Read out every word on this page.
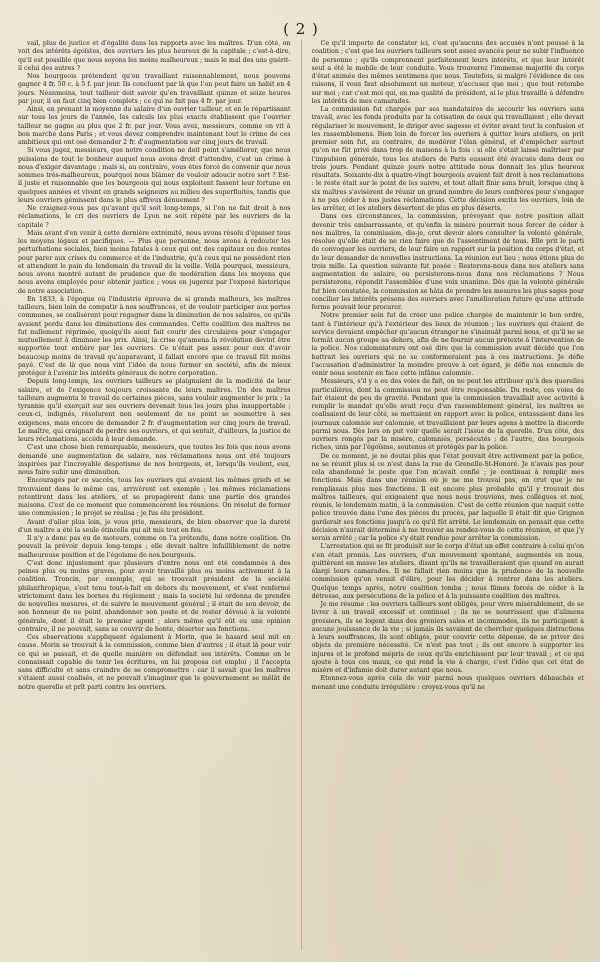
( 2 )

vail, plus de justice et d'égalité dans les rapports avec les maîtres. D'un côté, on voit des intérêts égoïstes, des ouvriers les plus heureux de la capitale ; c'est-à-dire, qu'il est possible que nous soyons les moins malheureux ; mais le mal des uns guérit-il celui des autres ?

Nos bourgeois prétendent qu'en travaillant raisonnablement, nous pouvons gagner 4 fr. 50 c. à 5 f. par jour. Ils concluent par là que l'on peut faire un habit en 4 jours. Néanmoins, tout tailleur doit savoir qu'en travaillant quinze et seize heures par jour, il en faut cinq bien complets ; ce qui ne fait pas 4 fr. par jour.

Ainsi, en prenant la moyenne du salaire d'un ouvrier tailleur, et en le répartissant sur tous les jours de l'année, les calculs les plus exacts établissent que l'ouvrier tailleur ne gagne au plus que 2 fr. par jour. Vous avez, messieurs, comme on vit à bon marché dans Paris ; et vous devez comprendre maintenant tout le crime de ces ambitieux qui ont osé demander 2 fr. d'augmentation sur cinq jours de travail.

Si vous jugez, messieurs, que notre condition ne doit point s'améliorer, que nous puissions de tout le bonheur auquel nous avons droit d'attendre, c'est un crime à nous d'exiger davantage : mais si, au contraire, vous êtes forcé de convenir que nous sommes très-malheureux, pourquoi nous blâmer de vouloir adoucir notre sort ? Est-il juste et raisonnable que les bourgeois qui nous exploitent fassent leur fortune en quelques années et vivent en grands seigneurs au milieu des superfluités, tandis que leurs ouvriers gémissent dans le plus affreux dénuement ?

Ne craignez-vous pas qu'avant qu'il soit long-temps, si l'on ne fait droit à nos réclamations, le cri des ouvriers de Lyon ne soit répété par les ouvriers de la capitale ?

Mais avant d'en venir à cette dernière extrémité, nous avons résolu d'épuiser tous les moyens légaux et pacifiques. — Plus que personne, nous avons à redouter les perturbations sociales, bien moins fatales à ceux qui ont des capitaux ou des rentes pour parer aux crises du commerce et de l'industrie, qu'à ceux qui ne possèdent rien et attendent le pain du lendemain du travail de la veille. Voilà pourquoi, messieurs, nous avons montré autant de prudence que de modération dans les moyens que nous avons employés pour obtenir justice ; vous en jugerez par l'exposé historique de notre association.

En 1833, à l'époque où l'industrie éprouva de si grands malheurs, les maîtres tailleurs, bien loin de compatir à nos souffrances, et de vouloir participer aux pertes communes, se coalisèrent pour regagner dans la diminution de nos salaires, ce qu'ils avaient perdu dans les diminutions des commandes. Cette coalition des maîtres ne fut nullement réprimée, quoiqu'ils aient fait courir des circulaires pour s'engager mutuellement à diminuer les prix. Ainsi, la crise qu'amena la révolution devint être supportée tout entière par les ouvriers. Ce n'était pas assez pour eux d'avoir beaucoup moins de travail qu'auparavant, il fallait encore que ce travail fût moins payé. C'est de là que nous vint l'idée de nous former en société, afin de mieux protéger à l'avenir les intérêts généraux de notre corporation.

Depuis long-temps, les ouvriers tailleurs se plaignaient de la modicité de leur salaire, et de l'exigence toujours croissante de leurs maîtres. Un des maîtres tailleurs augmenta le travail de certaines pièces, sans vouloir augmenter le prix ; la tyrannie qu'il exerçait sur ses ouvriers devenait tous les jours plus insupportable ; ceux-ci, indignés, résolurent non seulement de ne point se soumettre à ses exigences, mais encore de demander 2 fr. d'augmentation sur cinq jours de travail. Le maître, qui craignait de perdre ses ouvriers, et qui sentait, d'ailleurs, la justice de leurs réclamations, accéda à leur demande.

C'est une chose bien remarquable, messieurs, que toutes les fois que nous avons demandé une augmentation de salaire, nos réclamations nous ont été toujours inspirées par l'incroyable despotisme de nos bourgeois, et, lorsqu'ils veulent, eux, nous faire subir une diminution.

Encouragés par ce succès, tous les ouvriers qui avaient les mêmes griefs et se trouvaient dans le même cas, arrivèrent cet exemple ; les mêmes réclamations retentirent dans les ateliers, et se propagèrent dans une partie des grandes maisons. C'est de ce moment que commencèrent les réunions. On résolut de former une commission ; le projet se réalisa ; je fus élu président.

Avant d'aller plus loin, je vous prie, messieurs, de bien observer que la dureté d'un maître a été la seule étincelle qui ait mis tout en feu.

Il n'y a donc pas eu de moteurs, comme on l'a prétendu, dans notre coalition. On pouvait la prévoir depuis long-temps ; elle devait naître infailliblement de notre malheureuse position et de l'égoïsme de nos bourgeois.

C'est donc injustement que plusieurs d'entre nous ont été condamnés à des peines plus ou moins graves, pour avoir travaillé plus ou moins activement à la coalition. Troncin, par exemple, qui se trouvait président de la société philanthropique, s'est tenu tout-à-fait en dehors du mouvement, et s'est renfermé strictement dans les bornes du règlement ; mais la société lui ordonna de prendre de nouvelles mesures, et de suivre le mouvement général ; il était de son devoir, de son honneur de ne point abandonner son poste et de rester dévoué à la volonté générale, dont il était le premier agent ; alors même qu'il eût eu une opinion contraire, il ne pouvait, sans se couvrir de honte, déserter ses fonctions.

Ces observations s'appliquent également à Morin, que le hasard seul mit en cause. Morin se trouvait à la commission, comme bien d'autres ; il était là pour voir ce qui se passait, et de quelle manière on défendait ses intérêts. Comme on le connaissait capable de tenir les écritures, on lui proposa cet emploi ; il l'accepta sans difficulté et sans craindre de se compromettre : car il savait que les maîtres s'étaient aussi coalisés, et ne pouvait s'imaginer que le gouvernement se mêlât de notre querelle et prît parti contre les ouvriers.

Ce qu'il importe de constater ici, c'est qu'aucuns des accusés n'ont poussé à la coalition ; c'est que les ouvriers tailleurs sont assez avancés pour ne subir l'influence de personne ; qu'ils comprennent parfaitement leurs intérêts, et que leur intérêt seul a été le mobile de leur conduite. Vous trouverez l'immense majorité du corps d'état animée des mêmes sentimens que nous. Toutefois, si malgré l'évidence de ces raisons, il vous faut absolument un moteur, n'accusez que moi ; que tout retombe sur moi ; car c'est moi qui, en ma qualité de président, ai le plus travaillé à défendre les intérêts de mes camarades.

La commission fut chargée par ses mandataires de secourir les ouvriers sans travail, avec les fonds produits par la cotisation de ceux qui travaillaient ; elle devait régulariser le mouvement, le diriger avec sagesse et éviter avant tout la confusion et les rassemblemens. Bien loin de forcer les ouvriers à quitter leurs ateliers, on prit premier soin fut, au contraire, de modérer l'élan général, et d'empêcher surtout qu'on ne fût privé dans trop de maisons à la fois : si elle s'était laissé maîtriser par l'impulsion générale, tous les ateliers de Paris eussent été évacués dans deux ou trois jours. Pendant quinze jours notre attitude nous donnait les plus heureux résultats. Soixante-dix à quatre-vingt bourgeois avaient fait droit à nos réclamations : le reste était sur le point de les suivre, et tout allait finir sans bruit, lorsque cinq à six maîtres s'avisèrent de réunir un grand nombre de leurs confrères pour s'engager à ne pas céder à nos justes réclamations. Cette décision excita les ouvriers, loin de les arrêter, et les ateliers désertent de plus en plus déserts.

Dans ces circonstances, la commission, prévoyant que notre position allait devenir très embarrassante, et qu'enfin la misère pourrait nous forcer de céder à nos maîtres, la commission, dis-je, crut devoir alors consulter la volonté générale, résolue qu'elle était de ne rien faire que de l'assentiment de tous. Elle prit le parti de convoquer les ouvriers, de leur faire un rapport sur la position du corps d'état, et de leur demander de nouvelles instructions. La réunion eut lieu ; nous étions plus de trois mille. La question suivante fut posée : Resterons-nous dans nos ateliers sans augmentation de salaire, ou persisterons-nous dans nos réclamations ? Nous persisterons, répondit l'assemblée d'une voix unanime. Dès que la volonté générale fut bien constatée, la commission se hâta de prendre les mesures les plus sages pour concilier les intérêts présens des ouvriers avec l'amélioration future qu'une attitude ferme pouvait leur procurer.

Notre premier soin fut de créer une police chargée de maintenir le bon ordre, tant à l'intérieur qu'à l'extérieur des lieux de réunion ; les ouvriers qui étaient de service devaient empêcher qu'aucun étranger ne s'insinuât parmi nous, et qu'il ne se formât aucun groupe au dehors, afin de ne fournir aucun prétexte à l'intervention de la police. Nos calomniateurs ont osé dire que la commission avait décidé que l'on battrait les ouvriers qui ne se conformeraient pas à ces instructions. Je défie l'accusation d'administrer la moindre preuve à cet égard, je défie nos ennemis de venir nous soutenir en face cette infâme calomnie.

Messieurs, s'il y a eu des voies de fait, on ne peut les attribuer qu'à des querelles particulières, dont la commission ne peut être responsable. Du reste, ces voies de fait étaient de peu de gravité. Pendant que la commission travaillait avec activité à remplir le mandat qu'elle avait reçu d'un rassemblement général, les maîtres se coalisaient de leur côté, se mettaient en rapport avec la police, entassaient dans les journaux calomnie sur calomnie, et travaillaient par leurs agens à mettre la discorde parmi nous. Dès lors on put voir quelle serait l'issue de la querelle. D'un côté, des ouvriers rongés par la misère, calomniés, persécutés ; de l'autre, des bourgeois riches, unis par l'égoïsme, soutenus et protégés par la police.

De ce moment, je ne doutai plus que l'état pouvait être activement par la police, ne se réunit plus si ce n'est dans la rue de Grenelle-St-Honoré. Je n'avais pas pour cela abandonné le poste que l'on m'avait confié ; je continuai à remplir mes fonctions. Mais dans une réunion où je ne me trouvai pas, on crut que je ne remplissais plus mes fonctions. Il est encore plus probable qu'il y trouvait des maîtres tailleurs, qui exigeaient que nous nous trouvions, mes collègues et moi, réunis, le lendemain matin, à la commission. C'est de cette réunion que naquit cette police trouvée dans l'une des pièces du procès, par laquelle il était dit que Grignon garderait ses fonctions jusqu'à ce qu'il fût arrêté. Le lendemain on pensait que cette décision n'aurait déterminé à me trouver au rendez-vous de cette réunion, et que j'y serais arrêté ; car la police s'y était rendue pour arrêter la commission.

L'arrestation qui se fit produisit sur le corps d'état un effet contraire à celui qu'on s'en était promis. Les ouvriers, d'un mouvement spontané, augmentés en nous, quittèrent en masse les ateliers, disant qu'ils ne travailleraient que quand on aurait élargi leurs camarades. Il ne fallait rien moins que la prudence de la nouvelle commission qu'on venait d'élire, pour les décider à rentrer dans les ateliers. Quelque temps après, notre coalition tomba ; nous fûmes forcés de céder à la détresse, aux persécutions de la police et à la puissante coalition des maîtres.

Je me résume : les ouvriers tailleurs sont obligés, pour vivre misérablement, de se livrer à un travail excessif et continuel ; ils ne se nourrissent que d'alimens grossiers, ils se logent dans des greniers sales et incommodes, ils ne participent à aucune jouissance de la vie ; si jamais ils savaient de chercher quelques distractions à leurs souffrances, ils sont obligés, pour couvrir cette dépense, de se priver des objets de première nécessité. Ce n'est pas tout ; ils ont encore à supporter les injures et le profond mépris de ceux qu'ils enrichissent par leur travail ; et ce qui ajoute à tous ces maux, ce qui rend la vie à charge, c'est l'idée que cet état de misère et d'infamie doit durer autant que nous.

Etonnez-vous après cela de voir parmi nous quelques ouvriers débauchés et menant une conduite irrégulière : croyez-vous qu'il ne
